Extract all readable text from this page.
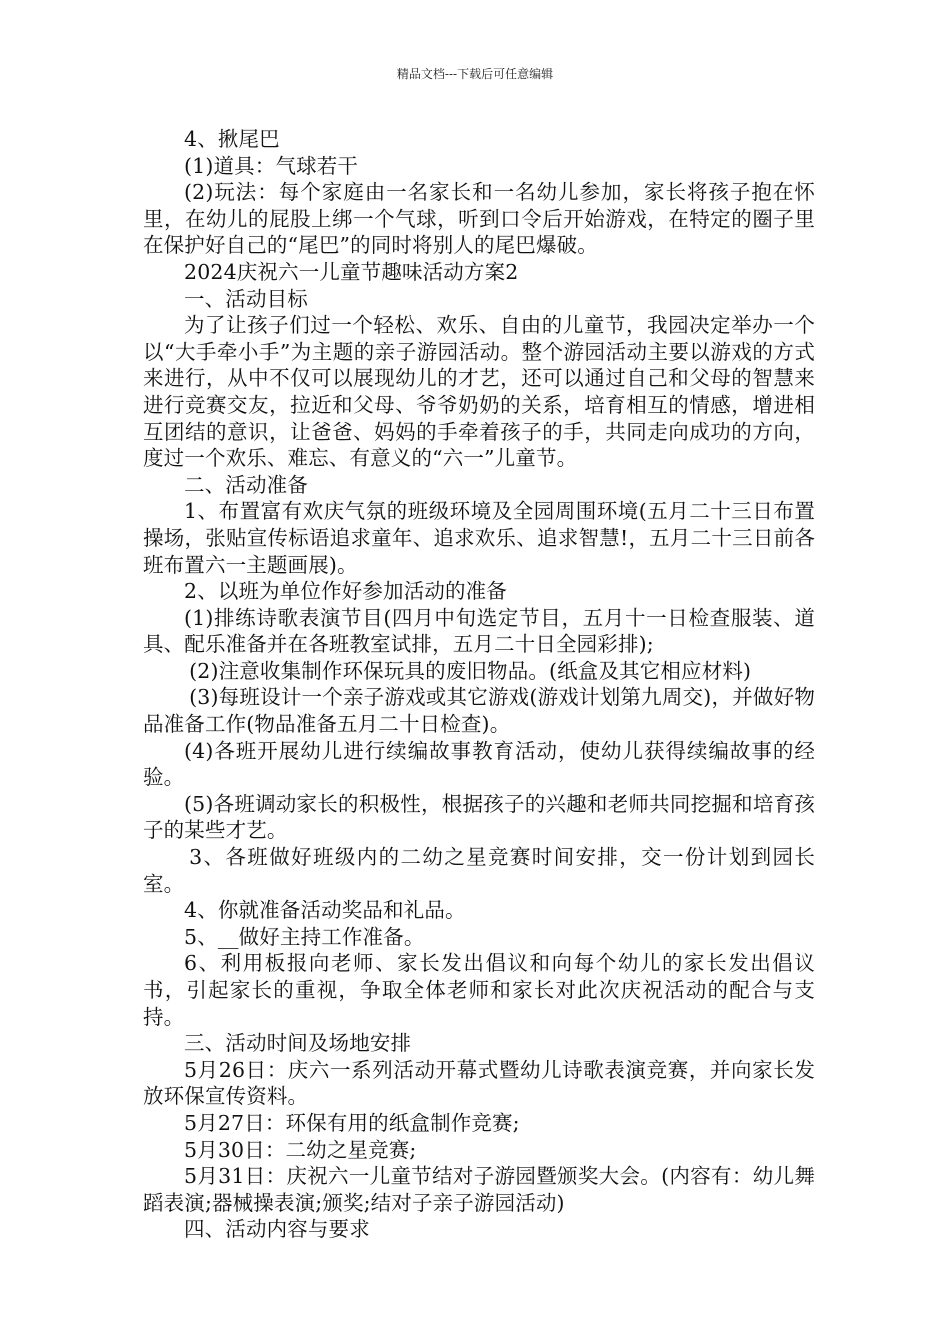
精品文档---下载后可任意编辑

4、揪尾巴

(1)道具：气球若干

(2)玩法：每个家庭由一名家长和一名幼儿参加，家长将孩子抱在怀里，在幼儿的屁股上绑一个气球，听到口令后开始游戏，在特定的圈子里在保护好自己的“尾巴”的同时将别人的尾巴爆破。

2024庆祝六一儿童节趣味活动方案2

一、活动目标

为了让孩子们过一个轻松、欢乐、自由的儿童节，我园决定举办一个以“大手牵小手”为主题的亲子游园活动。整个游园活动主要以游戏的方式来进行，从中不仅可以展现幼儿的才艺，还可以通过自己和父母的智慧来进行竞赛交友，拉近和父母、爷爷奶奶的关系，培育相互的情感，增进相互团结的意识，让爸爸、妈妈的手牵着孩子的手，共同走向成功的方向，度过一个欢乐、难忘、有意义的“六一”儿童节。

二、活动准备

1、布置富有欢庆气氛的班级环境及全园周围环境(五月二十三日布置操场，张贴宣传标语追求童年、追求欢乐、追求智慧!，五月二十三日前各班布置六一主题画展)。

2、以班为单位作好参加活动的准备

(1)排练诗歌表演节目(四月中旬选定节目，五月十一日检查服装、道具、配乐准备并在各班教室试排，五月二十日全园彩排);

(2)注意收集制作环保玩具的废旧物品。(纸盒及其它相应材料)

(3)每班设计一个亲子游戏或其它游戏(游戏计划第九周交)，并做好物品准备工作(物品准备五月二十日检查)。

(4)各班开展幼儿进行续编故事教育活动，使幼儿获得续编故事的经验。

(5)各班调动家长的积极性，根据孩子的兴趣和老师共同挖掘和培育孩子的某些才艺。

3、各班做好班级内的二幼之星竞赛时间安排，交一份计划到园长室。

4、你就准备活动奖品和礼品。

5、__做好主持工作准备。

6、利用板报向老师、家长发出倡议和向每个幼儿的家长发出倡议书，引起家长的重视，争取全体老师和家长对此次庆祝活动的配合与支持。

三、活动时间及场地安排

5月26日：庆六一系列活动开幕式暨幼儿诗歌表演竞赛，并向家长发放环保宣传资料。

5月27日：环保有用的纸盒制作竞赛;

5月30日：二幼之星竞赛;

5月31日：庆祝六一儿童节结对子游园暨颁奖大会。(内容有：幼儿舞蹈表演;器械操表演;颁奖;结对子亲子游园活动)

四、活动内容与要求
